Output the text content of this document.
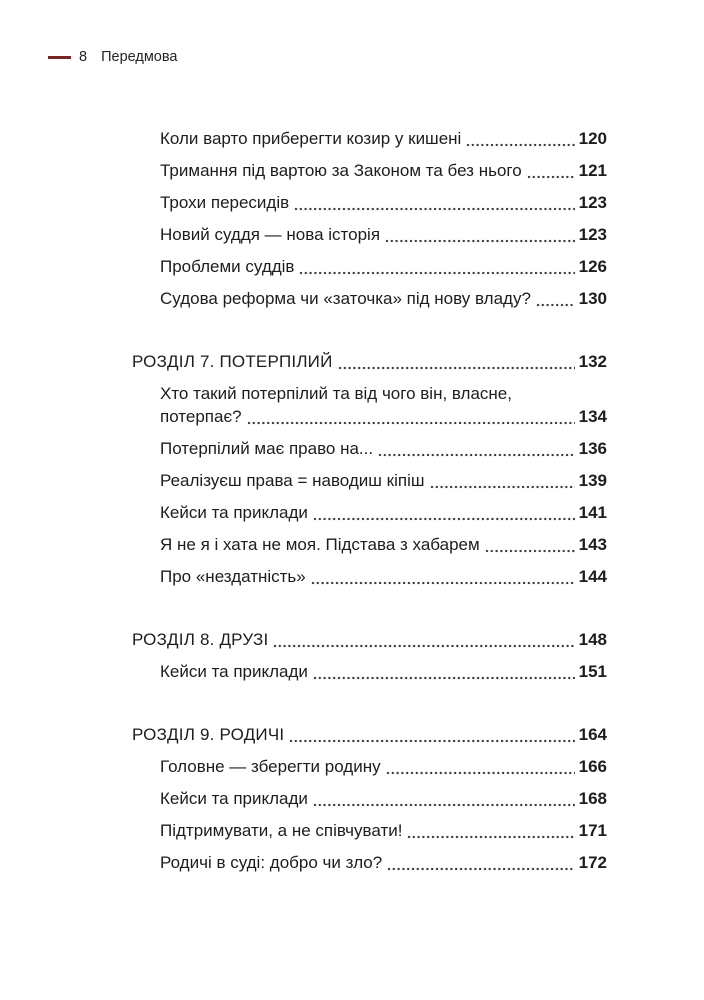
8 Передмова
Коли варто приберегти козир у кишені	120
Тримання під вартою за Законом та без нього	121
Трохи пересидів	123
Новий суддя — нова історія	123
Проблеми суддів	126
Судова реформа чи «заточка» під нову владу?	130
РОЗДІЛ 7. ПОТЕРПІЛИЙ	132
Хто такий потерпілий та від чого він, власне,
потерпає?	134
Потерпілий має право на...	136
Реалізуєш права = наводиш кіпіш	139
Кейси та приклади	141
Я не я і хата не моя. Підстава з хабарем	143
Про «нездатність»	144
РОЗДІЛ 8. ДРУЗІ	148
Кейси та приклади	151
РОЗДІЛ 9. РОДИЧІ	164
Головне — зберегти родину	166
Кейси та приклади	168
Підтримувати, а не співчувати!	171
Родичі в суді: добро чи зло?	172
